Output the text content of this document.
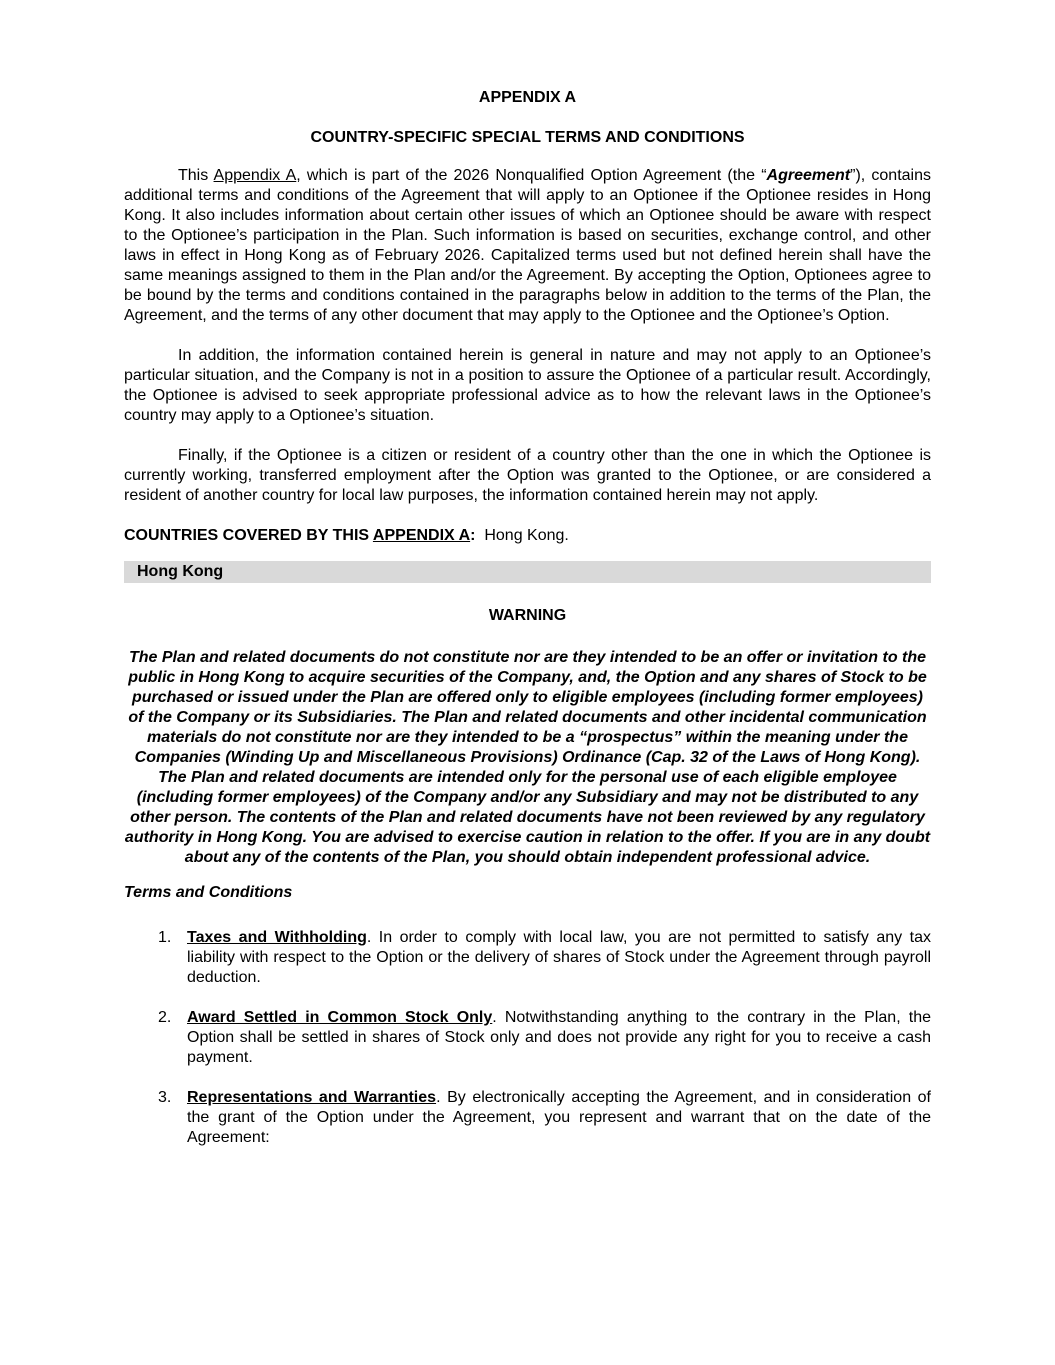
APPENDIX A
COUNTRY-SPECIFIC SPECIAL TERMS AND CONDITIONS

This Appendix A, which is part of the 2026 Nonqualified Option Agreement (the “Agreement”), contains additional terms and conditions of the Agreement that will apply to an Optionee if the Optionee resides in Hong Kong. It also includes information about certain other issues of which an Optionee should be aware with respect to the Optionee’s participation in the Plan. Such information is based on securities, exchange control, and other laws in effect in Hong Kong as of February 2026. Capitalized terms used but not defined herein shall have the same meanings assigned to them in the Plan and/or the Agreement. By accepting the Option, Optionees agree to be bound by the terms and conditions contained in the paragraphs below in addition to the terms of the Plan, the Agreement, and the terms of any other document that may apply to the Optionee and the Optionee’s Option.

In addition, the information contained herein is general in nature and may not apply to an Optionee’s particular situation, and the Company is not in a position to assure the Optionee of a particular result. Accordingly, the Optionee is advised to seek appropriate professional advice as to how the relevant laws in the Optionee’s country may apply to a Optionee’s situation.

Finally, if the Optionee is a citizen or resident of a country other than the one in which the Optionee is currently working, transferred employment after the Option was granted to the Optionee, or are considered a resident of another country for local law purposes, the information contained herein may not apply.

COUNTRIES COVERED BY THIS APPENDIX A:  Hong Kong.
Hong Kong
WARNING
The Plan and related documents do not constitute nor are they intended to be an offer or invitation to the public in Hong Kong to acquire securities of the Company, and, the Option and any shares of Stock to be purchased or issued under the Plan are offered only to eligible employees (including former employees) of the Company or its Subsidiaries. The Plan and related documents and other incidental communication materials do not constitute nor are they intended to be a “prospectus” within the meaning under the Companies (Winding Up and Miscellaneous Provisions) Ordinance (Cap. 32 of the Laws of Hong Kong). The Plan and related documents are intended only for the personal use of each eligible employee (including former employees) of the Company and/or any Subsidiary and may not be distributed to any other person. The contents of the Plan and related documents have not been reviewed by any regulatory authority in Hong Kong. You are advised to exercise caution in relation to the offer. If you are in any doubt about any of the contents of the Plan, you should obtain independent professional advice.
Terms and Conditions
1. Taxes and Withholding. In order to comply with local law, you are not permitted to satisfy any tax liability with respect to the Option or the delivery of shares of Stock under the Agreement through payroll deduction.
2. Award Settled in Common Stock Only. Notwithstanding anything to the contrary in the Plan, the Option shall be settled in shares of Stock only and does not provide any right for you to receive a cash payment.
3. Representations and Warranties. By electronically accepting the Agreement, and in consideration of the grant of the Option under the Agreement, you represent and warrant that on the date of the Agreement:
